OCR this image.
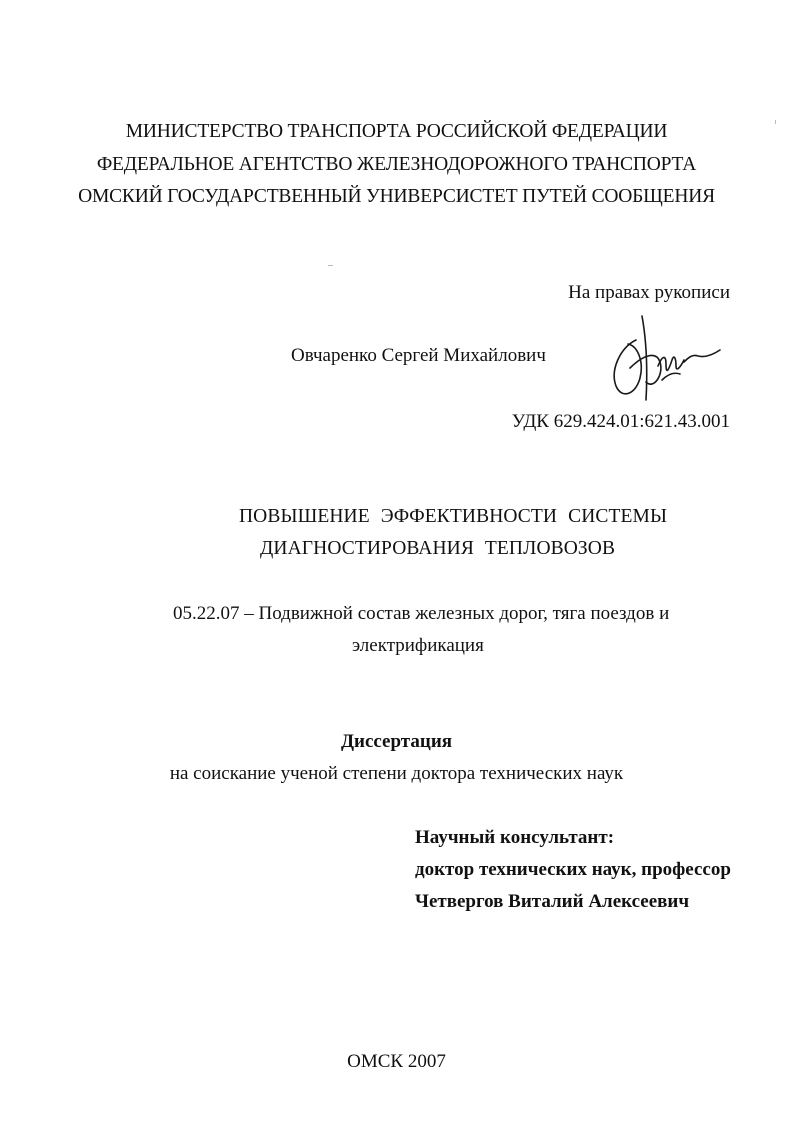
МИНИСТЕРСТВО ТРАНСПОРТА РОССИЙСКОЙ ФЕДЕРАЦИИ
ФЕДЕРАЛЬНОЕ АГЕНТСТВО ЖЕЛЕЗНОДОРОЖНОГО ТРАНСПОРТА
ОМСКИЙ ГОСУДАРСТВЕННЫЙ УНИВЕРСИСТЕТ ПУТЕЙ СООБЩЕНИЯ
На правах рукописи
Овчаренко Сергей Михайлович
УДК 629.424.01:621.43.001
ПОВЫШЕНИЕ ЭФФЕКТИВНОСТИ СИСТЕМЫ
ДИАГНОСТИРОВАНИЯ ТЕПЛОВОЗОВ
05.22.07 – Подвижной состав железных дорог, тяга поездов и
электрификация
Диссертация
на соискание ученой степени доктора технических наук
Научный консультант:
доктор технических наук, профессор
Четвергов Виталий Алексеевич
ОМСК 2007
